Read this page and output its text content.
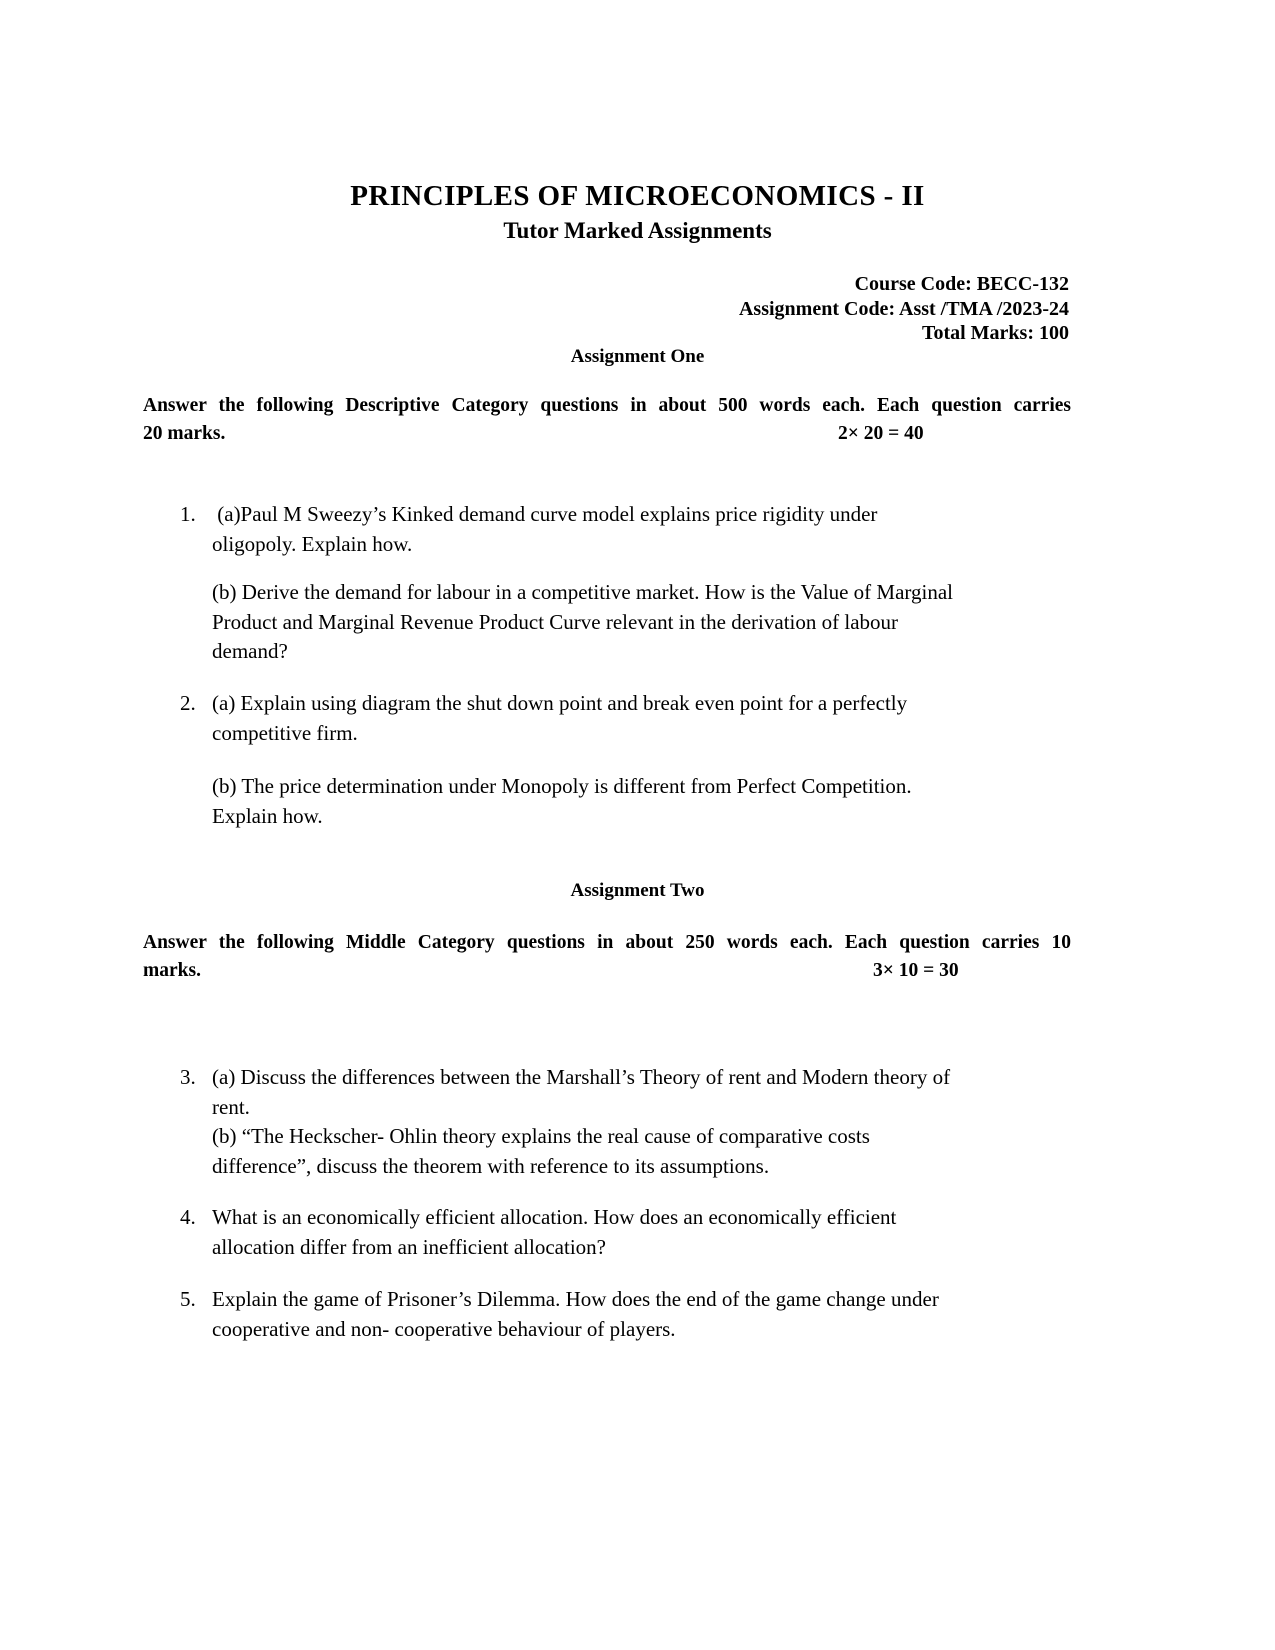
PRINCIPLES OF MICROECONOMICS - II
Tutor Marked Assignments
Course Code: BECC-132
Assignment Code: Asst /TMA /2023-24
Total Marks: 100
Assignment One
Answer the following Descriptive Category questions in about 500 words each. Each question carries
20 marks.	2× 20 = 40
1. (a)Paul M Sweezy’s Kinked demand curve model explains price rigidity under
oligopoly. Explain how.
(b) Derive the demand for labour in a competitive market. How is the Value of Marginal
Product and Marginal Revenue Product Curve relevant in the derivation of labour
demand?
2. (a) Explain using diagram the shut down point and break even point for a perfectly
competitive firm.
(b) The price determination under Monopoly is different from Perfect Competition.
Explain how.
Assignment Two
Answer the following Middle Category questions in about 250 words each. Each question carries 10
marks.	3× 10 = 30
3. (a) Discuss the differences between the Marshall’s Theory of rent and Modern theory of
rent.
(b) “The Heckscher- Ohlin theory explains the real cause of comparative costs
difference”, discuss the theorem with reference to its assumptions.
4. What is an economically efficient allocation. How does an economically efficient
allocation differ from an inefficient allocation?
5. Explain the game of Prisoner’s Dilemma. How does the end of the game change under
cooperative and non- cooperative behaviour of players.
